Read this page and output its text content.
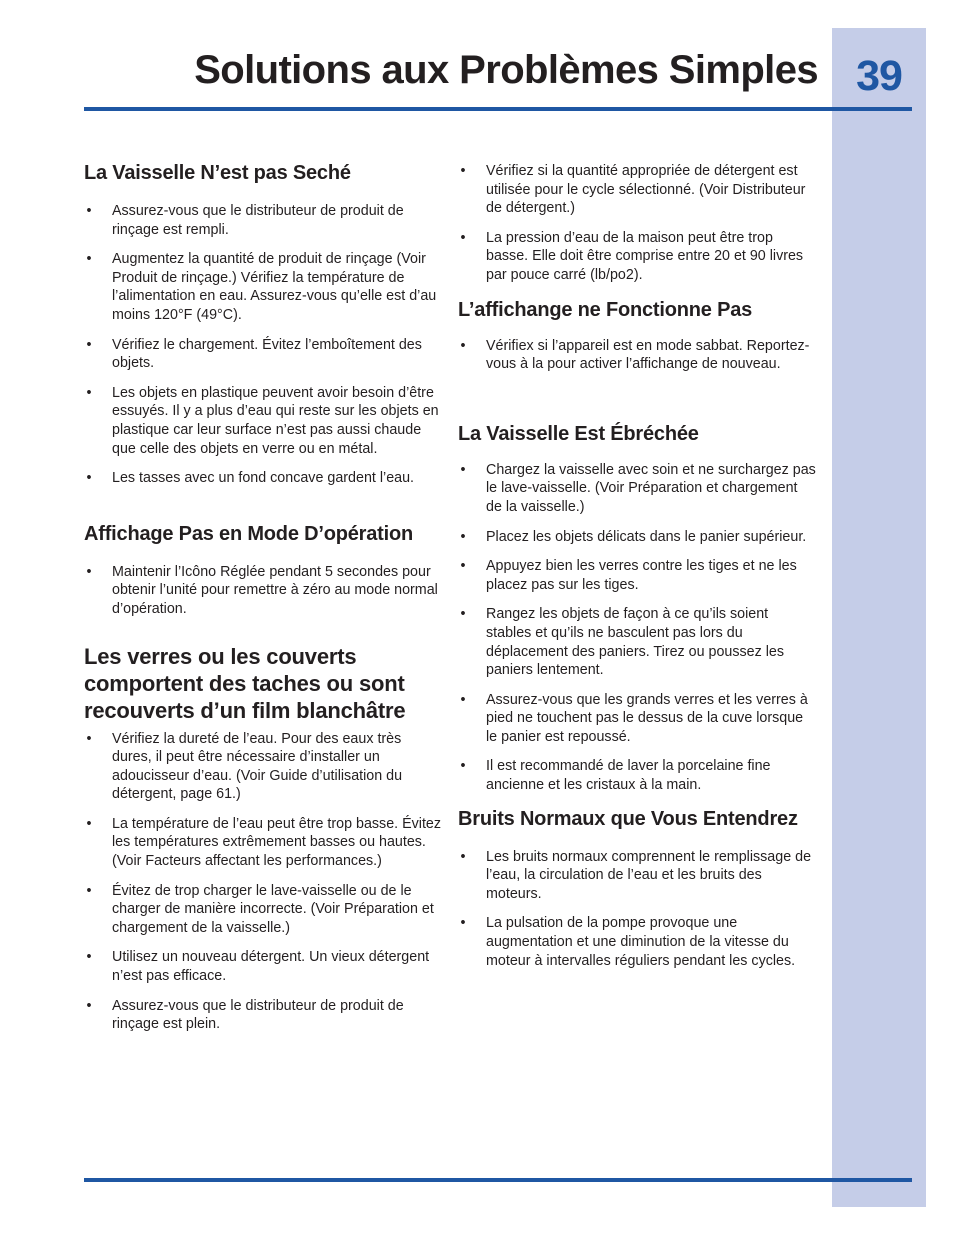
39
Solutions aux Problèmes Simples
La Vaisselle N’est pas Seché
• Assurez-vous que le distributeur de produit de rinçage est rempli.
• Augmentez la quantité de produit de rinçage (Voir Produit de rinçage.) Vérifiez la température de l’alimentation en eau. Assurez-vous qu’elle est d’au moins 120°F (49°C).
• Vérifiez le chargement. Évitez l’emboîtement des objets.
• Les objets en plastique peuvent avoir besoin d’être essuyés. Il y a plus d’eau qui reste sur les objets en plastique car leur surface n’est pas aussi chaude que celle des objets en verre ou en métal.
• Les tasses avec un fond concave gardent l’eau.
Affichage Pas en Mode D’opération
• Maintenir l’Icôno Réglée pendant 5 secondes pour obtenir l’unité pour remettre à zéro au mode normal d’opération.
Les verres ou les couverts comportent des taches ou sont recouverts d’un film blanchâtre
• Vérifiez la dureté de l’eau. Pour des eaux très dures, il peut être nécessaire d’installer un adoucisseur d’eau. (Voir Guide d’utilisation du détergent, page 61.)
• La température de l’eau peut être trop basse. Évitez les températures extrêmement basses ou hautes. (Voir Facteurs affectant les performances.)
• Évitez de trop charger le lave-vaisselle ou de le charger de manière incorrecte. (Voir Préparation et chargement de la vaisselle.)
• Utilisez un nouveau détergent. Un vieux détergent n’est pas efficace.
• Assurez-vous que le distributeur de produit de rinçage est plein.
• Vérifiez si la quantité appropriée de détergent est utilisée pour le cycle sélectionné. (Voir Distributeur de détergent.)
• La pression d’eau de la maison peut être trop basse. Elle doit être comprise entre 20 et 90 livres par pouce carré (lb/po2).
L’affichange ne Fonctionne Pas
• Vérifiex si l’appareil est en mode sabbat. Reportez-vous à la pour activer l’affichange de nouveau.
La Vaisselle Est Ébréchée
• Chargez la vaisselle avec soin et ne surchargez pas le lave-vaisselle. (Voir Préparation et chargement de la vaisselle.)
• Placez les objets délicats dans le panier supérieur.
• Appuyez bien les verres contre les tiges et ne les placez pas sur les tiges.
• Rangez les objets de façon à ce qu’ils soient stables et qu’ils ne basculent pas lors du déplacement des paniers. Tirez ou poussez les paniers lentement.
• Assurez-vous que les grands verres et les verres à pied ne touchent pas le dessus de la cuve lorsque le panier est repoussé.
• Il est recommandé de laver la porcelaine fine ancienne et les cristaux à la main.
Bruits Normaux que Vous Entendrez
• Les bruits normaux comprennent le remplissage de l’eau, la circulation de l’eau et les bruits des moteurs.
• La pulsation de la pompe provoque une augmentation et une diminution de la vitesse du moteur à intervalles réguliers pendant les cycles.
